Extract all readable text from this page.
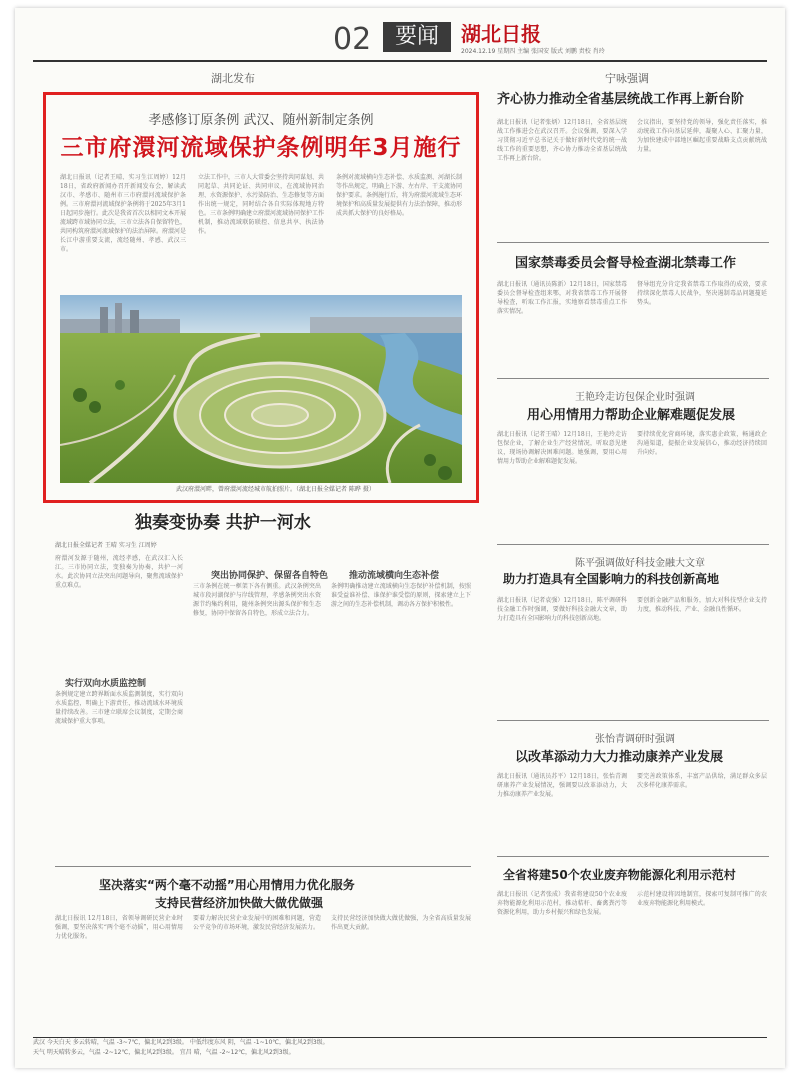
02	要闻	湖北日报
2024.12.19 星期四 主编 张国安 版式 刘鹏 责校 肖玲
湖北发布	宁咏强调
孝感修订原条例 武汉、随州新制定条例
三市府澴河流域保护条例明年3月施行
湖北日报讯（记者王晴、实习生江周婷）12月18日，省政府新闻办召开新闻发布会，解读武汉市、孝感市、随州市三市府澴河流域保护条例。三市府澴河流域保护条例将于2025年3月1日起同步施行。此次是我省首次以相同文本开展流域跨市域协同立法，三市立法各自保留特色，共同构筑府澴河流域保护的法治屏障。府澴河是长江中游重要支流，流经随州、孝感、武汉三市。
立法工作中，三市人大常委会坚持共同谋划、共同起草、共同论证、共同审议，在流域协同治理、水资源保护、水污染防治、生态修复等方面作出统一规定，同时结合各自实际体现地方特色。三市条例明确建立府澴河流域协同保护工作机制，推动流域联防联控、信息共享、执法协作。
条例对流域横向生态补偿、水质监测、河湖长制等作出规定，明确上下游、左右岸、干支流协同保护要求。条例施行后，将为府澴河流域生态环境保护和高质量发展提供有力法治保障，推动形成共抓大保护的良好格局。
武汉府澴河畔，曾府澴河流经城市航拍照片。（湖北日报全媒记者 陈晔 摄）
齐心协力推动全省基层统战工作再上新台阶
湖北日报讯（记者张炳）12月18日，全省基层统战工作推进会在武汉召开。会议强调，要深入学习贯彻习近平总书记关于做好新时代党的统一战线工作的重要思想，齐心协力推动全省基层统战工作再上新台阶。
会议指出，要坚持党的领导，强化责任落实，推动统战工作向基层延伸，凝聚人心、汇聚力量，为加快建成中部地区崛起重要战略支点贡献统战力量。
国家禁毒委员会督导检查湖北禁毒工作
湖北日报讯（通讯员陈新）12月18日，国家禁毒委员会督导检查组来鄂，对我省禁毒工作开展督导检查，听取工作汇报，实地察看禁毒重点工作落实情况。
督导组充分肯定我省禁毒工作取得的成效，要求持续深化禁毒人民战争，坚决遏制毒品问题蔓延势头。
王艳玲走访包保企业时强调
用心用情用力帮助企业解难题促发展
湖北日报讯（记者王晴）12月18日，王艳玲走访包保企业，了解企业生产经营情况，听取意见建议，现场协调解决困难问题。她强调，要用心用情用力帮助企业解难题促发展。
要持续优化营商环境，落实惠企政策，畅通政企沟通渠道，提振企业发展信心，推动经济持续回升向好。
陈平强调做好科技金融大文章
助力打造具有全国影响力的科技创新高地
湖北日报讯（记者袁强）12月18日，陈平调研科技金融工作时强调，要做好科技金融大文章，助力打造具有全国影响力的科技创新高地。
要创新金融产品和服务，加大对科技型企业支持力度，推动科技、产业、金融良性循环。
张怡青调研时强调
以改革添动力大力推动康养产业发展
湖北日报讯（通讯员苏平）12月18日，张怡青调研康养产业发展情况，强调要以改革添动力，大力推动康养产业发展。
要完善政策体系，丰富产品供给，满足群众多层次多样化康养需求。
全省将建50个农业废弃物能源化利用示范村
湖北日报讯（记者张成）我省将建设50个农业废弃物能源化利用示范村，推动秸秆、畜禽粪污等资源化利用，助力乡村振兴和绿色发展。
示范村建设将因地制宜，探索可复制可推广的农业废弃物能源化利用模式。
独奏变协奏 共护一河水
湖北日报全媒记者 王晴 实习生 江周婷
府澴河发源于随州，流经孝感，在武汉汇入长江。三市协同立法，变独奏为协奏，共护一河水。此次协同立法突出问题导向，聚焦流域保护重点难点。
实行双向水质监控制
条例规定建立跨界断面水质监测制度，实行双向水质监控，明确上下游责任，推动流域水环境质量持续改善。三市建立联席会议制度，定期会商流域保护重大事项。
突出协同保护、保留各自特色
三市条例在统一框架下各有侧重。武汉条例突出城市段河湖保护与岸线管理，孝感条例突出水资源节约集约利用，随州条例突出源头保护和生态修复，协同中保留各自特色，形成立法合力。
推动流域横向生态补偿
条例明确推动建立流域横向生态保护补偿机制，按照谁受益谁补偿、谁保护谁受偿的原则，探索建立上下游之间的生态补偿机制，调动各方保护积极性。
坚决落实“两个毫不动摇”用心用情用力优化服务
支持民营经济加快做大做优做强
湖北日报讯 12月18日，省领导调研民营企业时强调，要坚决落实“两个毫不动摇”，用心用情用力优化服务。
要着力解决民营企业发展中的困难和问题，营造公平竞争的市场环境，激发民营经济发展活力。
支持民营经济加快做大做优做强，为全省高质量发展作出更大贡献。
武汉 今天白天 多云转晴，气温 -3~7℃，偏北风2到3级。 中低纬度东风 阴，气温 -1~10℃，偏北风2到3级。
天气 明天晴转多云，气温 -2~12℃，偏北风2到3级。 宜昌 晴，气温 -2~12℃，偏北风2到3级。
